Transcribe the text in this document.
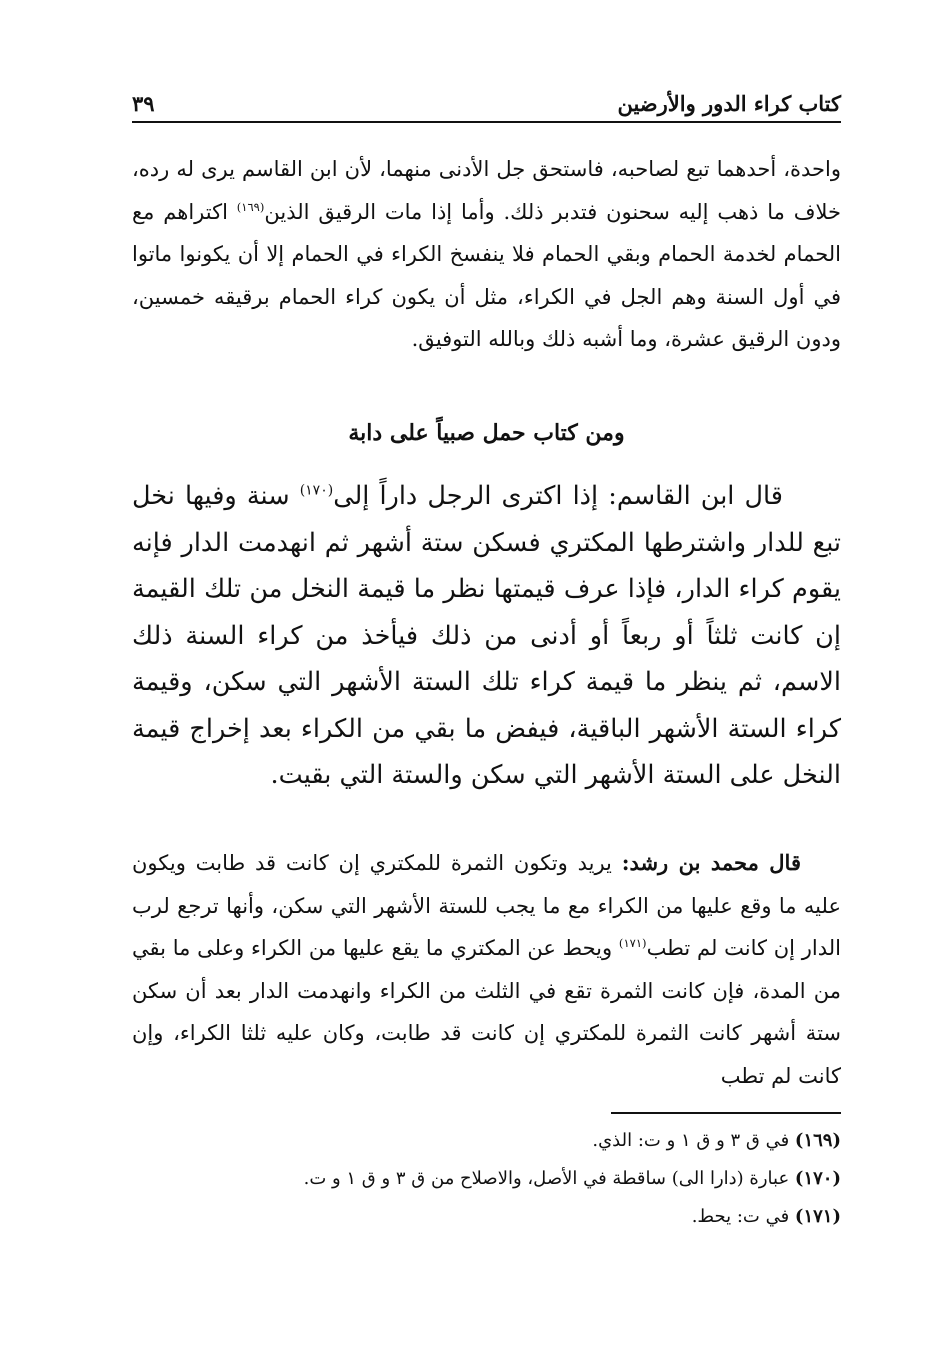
كتاب كراء الدور والأرضين
٣٩
واحدة، أحدهما تبع لصاحبه، فاستحق جل الأدنى منهما، لأن ابن القاسم يرى له رده، خلاف ما ذهب إليه سحنون فتدبر ذلك. وأما إذا مات الرقيق الذين$^{(١٦٩)}$ اكتراهم مع الحمام لخدمة الحمام وبقي الحمام فلا ينفسخ الكراء في الحمام إلا أن يكونوا ماتوا في أول السنة وهم الجل في الكراء، مثل أن يكون كراء الحمام برقيقه خمسين، ودون الرقيق عشرة، وما أشبه ذلك وبالله التوفيق.
ومن كتاب حمل صبياً على دابة
قال ابن القاسم: إذا اكترى الرجل داراً إلى$^{(١٧٠)}$ سنة وفيها نخل تبع للدار واشترطها المكتري فسكن ستة أشهر ثم انهدمت الدار فإنه يقوم كراء الدار، فإذا عرف قيمتها نظر ما قيمة النخل من تلك القيمة إن كانت ثلثاً أو ربعاً أو أدنى من ذلك فيأخذ من كراء السنة ذلك الاسم، ثم ينظر ما قيمة كراء تلك الستة الأشهر التي سكن، وقيمة كراء الستة الأشهر الباقية، فيفض ما بقي من الكراء بعد إخراج قيمة النخل على الستة الأشهر التي سكن والستة التي بقيت.
قال محمد بن رشد: يريد وتكون الثمرة للمكتري إن كانت قد طابت ويكون عليه ما وقع عليها من الكراء مع ما يجب للستة الأشهر التي سكن، وأنها ترجع لرب الدار إن كانت لم تطب$^{(١٧١)}$ ويحط عن المكتري ما يقع عليها من الكراء وعلى ما بقي من المدة، فإن كانت الثمرة تقع في الثلث من الكراء وانهدمت الدار بعد أن سكن ستة أشهر كانت الثمرة للمكتري إن كانت قد طابت، وكان عليه ثلثا الكراء، وإن كانت لم تطب
(١٦٩) في ق ٣ و ق ١ و ت: الذي.
(١٧٠) عبارة (دارا الى) ساقطة في الأصل، والاصلاح من ق ٣ و ق ١ و ت.
(١٧١) في ت: يحط.
